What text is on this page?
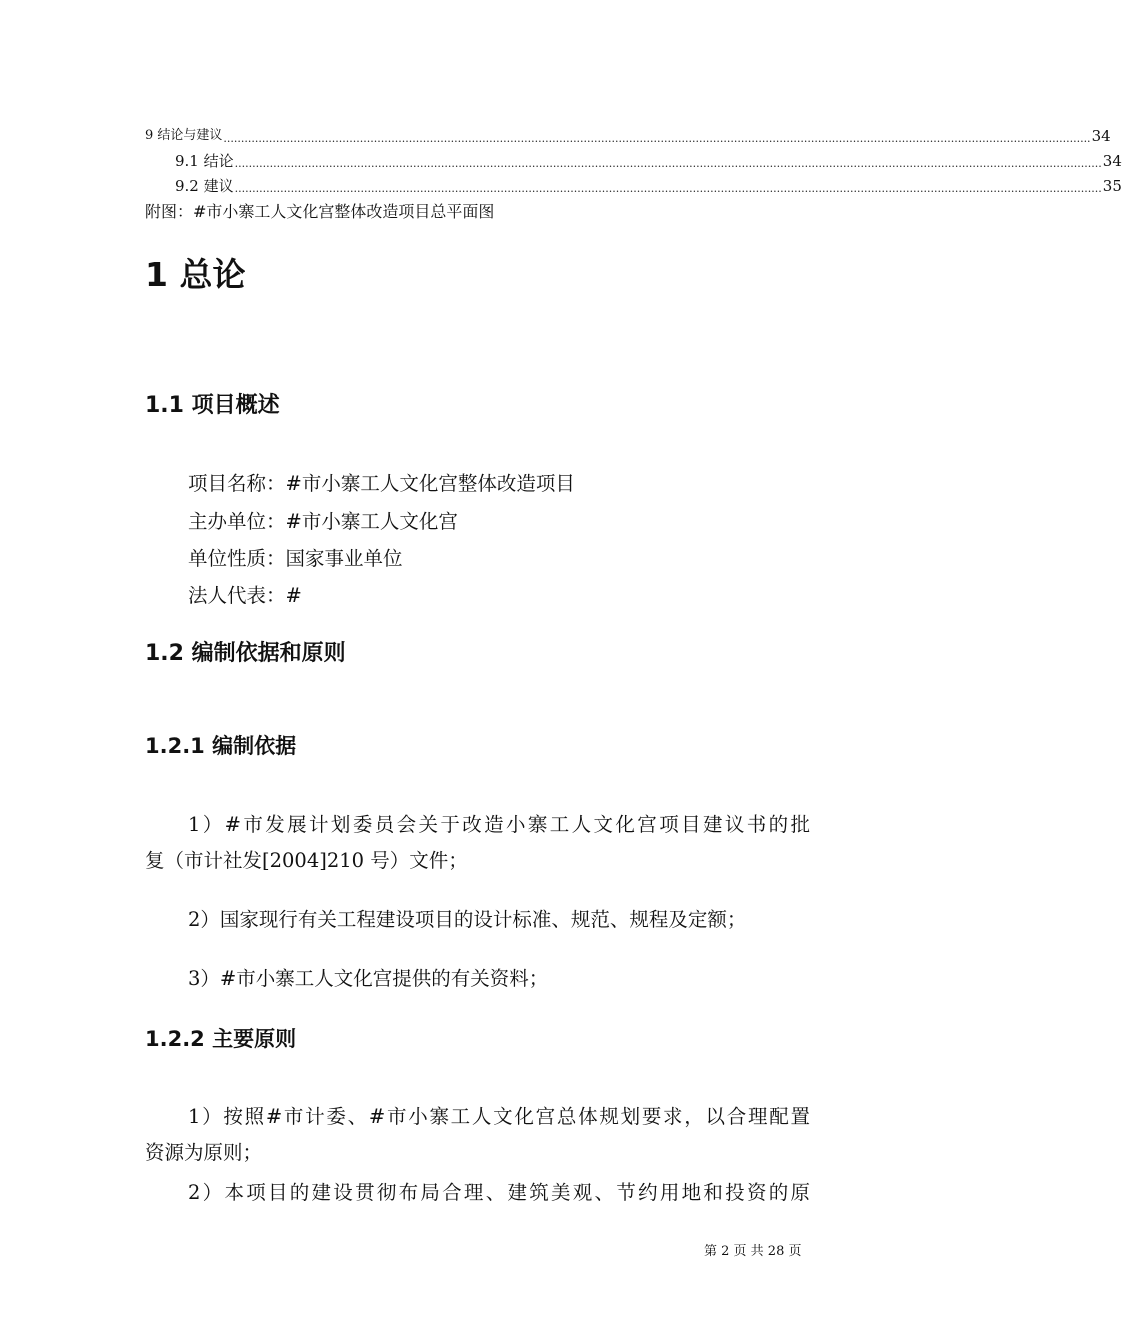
9 结论与建议 ........................................................................................................................................................................................................................................................ 34
9.1 结论 ........................................................................................................................................................................................................................................................ 34
9.2 建议 ........................................................................................................................................................................................................................................................ 35
附图：#市小寨工人文化宫整体改造项目总平面图
1 总论
1.1 项目概述
项目名称：#市小寨工人文化宫整体改造项目
主办单位：#市小寨工人文化宫
单位性质：国家事业单位
法人代表：#
1.2 编制依据和原则
1.2.1 编制依据
1）#市发展计划委员会关于改造小寨工人文化宫项目建议书的批
复（市计社发[2004]210 号）文件；
2）国家现行有关工程建设项目的设计标准、规范、规程及定额；
3）#市小寨工人文化宫提供的有关资料；
1.2.2 主要原则
1）按照#市计委、#市小寨工人文化宫总体规划要求，以合理配置
资源为原则；
2）本项目的建设贯彻布局合理、建筑美观、节约用地和投资的原
第 2 页 共 28 页
